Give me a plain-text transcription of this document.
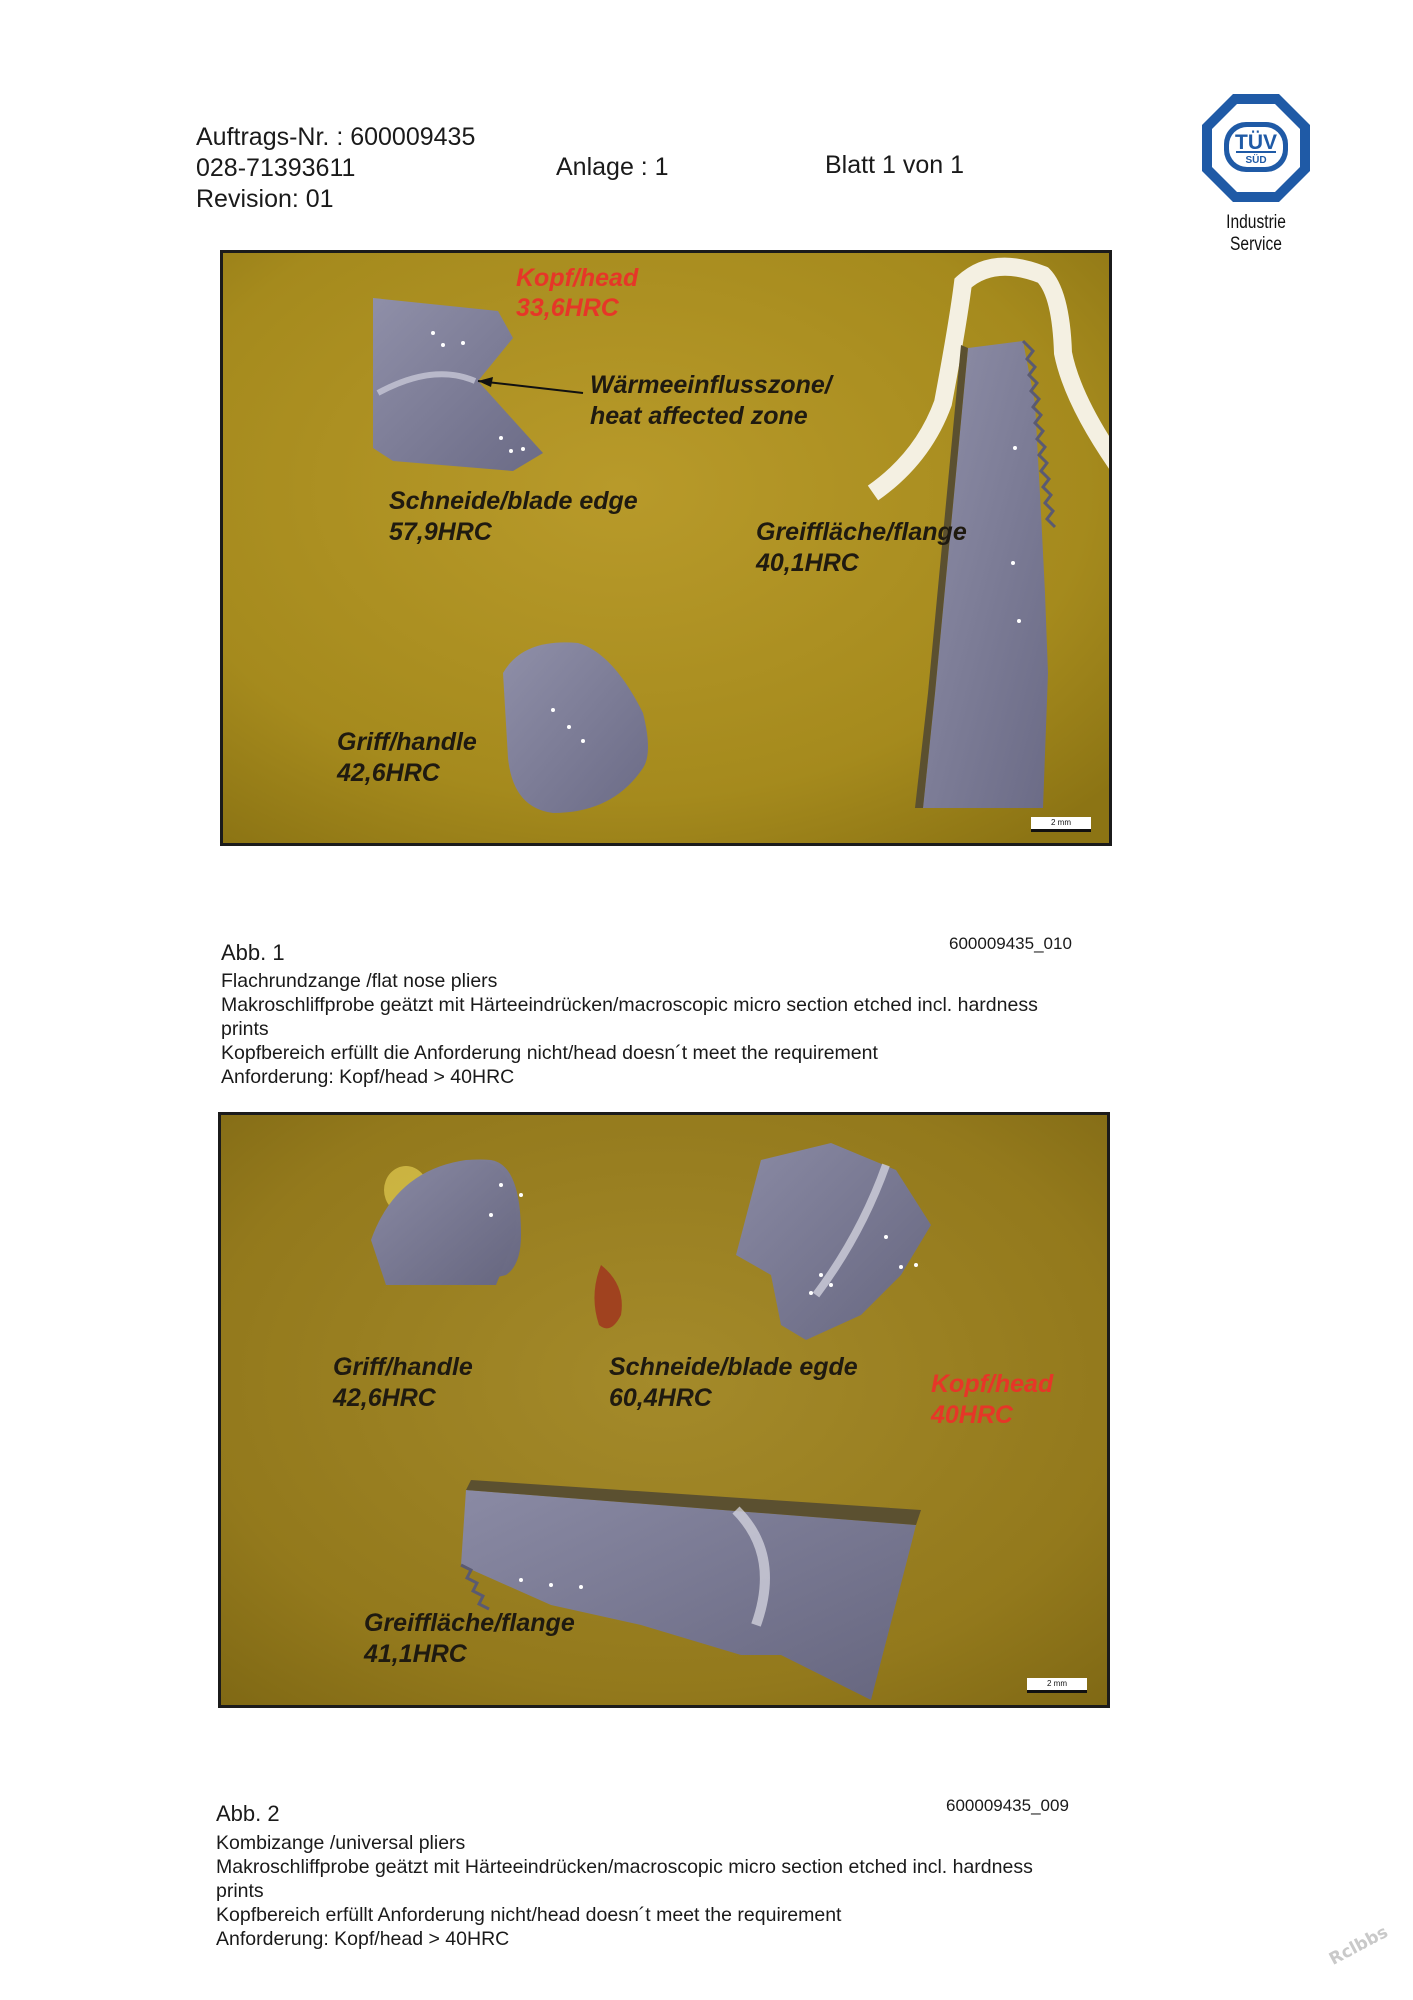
Auftrags-Nr. : 600009435
028-71393611
Revision: 01
Anlage : 1	Blatt 1 von 1
TÜV
SÜD
Industrie Service
Kopf/head
33,6HRC
Wärmeeinflusszone/
heat affected zone
Schneide/blade edge
57,9HRC	Greiffläche/flange
40,1HRC
Griff/handle
42,6HRC
2 mm
Abb. 1	600009435_010
Flachrundzange /flat nose pliers
Makroschliffprobe geätzt mit Härteeindrücken/macroscopic micro section etched incl. hardness
prints
Kopfbereich erfüllt die Anforderung nicht/head doesn´t meet the requirement
Anforderung: Kopf/head > 40HRC
Griff/handle
42,6HRC
Schneide/blade egde
60,4HRC	Kopf/head
40HRC
Greiffläche/flange
41,1HRC
2 mm
Abb. 2	600009435_009
Kombizange /universal pliers
Makroschliffprobe geätzt mit Härteeindrücken/macroscopic micro section etched incl. hardness
prints
Kopfbereich erfüllt Anforderung nicht/head doesn´t meet the requirement
Anforderung: Kopf/head > 40HRC	Rclbbs
